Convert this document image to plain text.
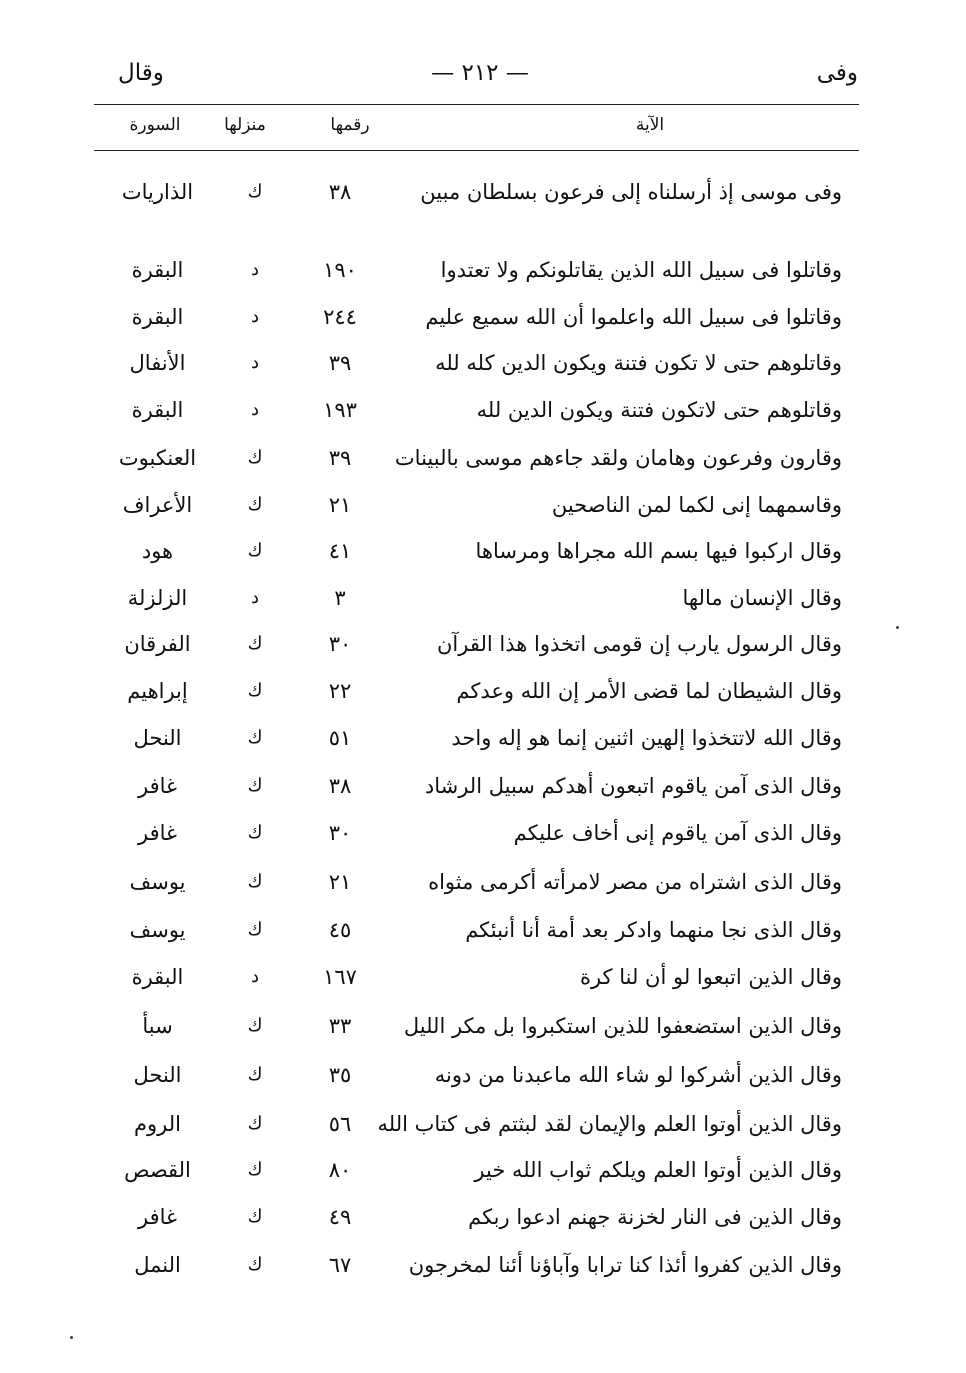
وفى
— ٢١٢ —
وقال
الآية
رقمها
منزلها
السورة
وفى موسى إذ أرسلناه إلى فرعون بسلطان مبين
٣٨
ك
الذاريات
وقاتلوا فى سبيل الله الذين يقاتلونكم ولا تعتدوا
١٩٠
د
البقرة
وقاتلوا فى سبيل الله واعلموا أن الله سميع عليم
٢٤٤
د
البقرة
وقاتلوهم حتى لا تكون فتنة ويكون الدين كله لله
٣٩
د
الأنفال
وقاتلوهم حتى لاتكون فتنة ويكون الدين لله
١٩٣
د
البقرة
وقارون وفرعون وهامان ولقد جاءهم موسى بالبينات
٣٩
ك
العنكبوت
وقاسمهما إنى لكما لمن الناصحين
٢١
ك
الأعراف
وقال اركبوا فيها بسم الله مجراها ومرساها
٤١
ك
هود
وقال الإنسان مالها
٣
د
الزلزلة
وقال الرسول يارب إن قومى اتخذوا هذا القرآن
٣٠
ك
الفرقان
وقال الشيطان لما قضى الأمر إن الله وعدكم
٢٢
ك
إبراهيم
وقال الله لاتتخذوا إلهين اثنين إنما هو إله واحد
٥١
ك
النحل
وقال الذى آمن ياقوم اتبعون أهدكم سبيل الرشاد
٣٨
ك
غافر
وقال الذى آمن ياقوم إنى أخاف عليكم
٣٠
ك
غافر
وقال الذى اشتراه من مصر لامرأته أكرمى مثواه
٢١
ك
يوسف
وقال الذى نجا منهما وادكر بعد أمة أنا أنبئكم
٤٥
ك
يوسف
وقال الذين اتبعوا لو أن لنا كرة
١٦٧
د
البقرة
وقال الذين استضعفوا للذين استكبروا بل مكر الليل
٣٣
ك
سبأ
وقال الذين أشركوا لو شاء الله ماعبدنا من دونه
٣٥
ك
النحل
وقال الذين أوتوا العلم والإيمان لقد لبثتم فى كتاب الله
٥٦
ك
الروم
وقال الذين أوتوا العلم ويلكم ثواب الله خير
٨٠
ك
القصص
وقال الذين فى النار لخزنة جهنم ادعوا ربكم
٤٩
ك
غافر
وقال الذين كفروا أئذا كنا ترابا وآباؤنا أئنا لمخرجون
٦٧
ك
النمل
